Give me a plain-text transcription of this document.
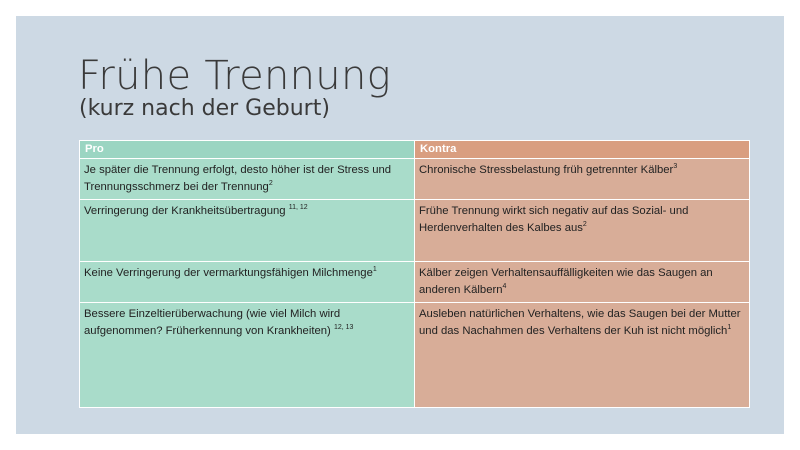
Frühe Trennung
(kurz nach der Geburt)
Pro	Kontra
Je später die Trennung erfolgt, desto höher ist der Stress und Trennungsschmerz bei der Trennung$^2$	Chronische Stressbelastung früh getrennter Kälber$^3$
Verringerung der Krankheitsübertragung $^{11, 12}$	Frühe Trennung wirkt sich negativ auf das Sozial- und Herdenverhalten des Kalbes aus$^2$
Keine Verringerung der vermarktungsfähigen Milchmenge$^1$	Kälber zeigen Verhaltensauffälligkeiten wie das Saugen an anderen Kälbern$^4$
Bessere Einzeltierüberwachung (wie viel Milch wird aufgenommen? Früherkennung von Krankheiten) $^{12, 13}$	Ausleben natürlichen Verhaltens, wie das Saugen bei der Mutter und das Nachahmen des Verhaltens der Kuh ist nicht möglich$^1$
